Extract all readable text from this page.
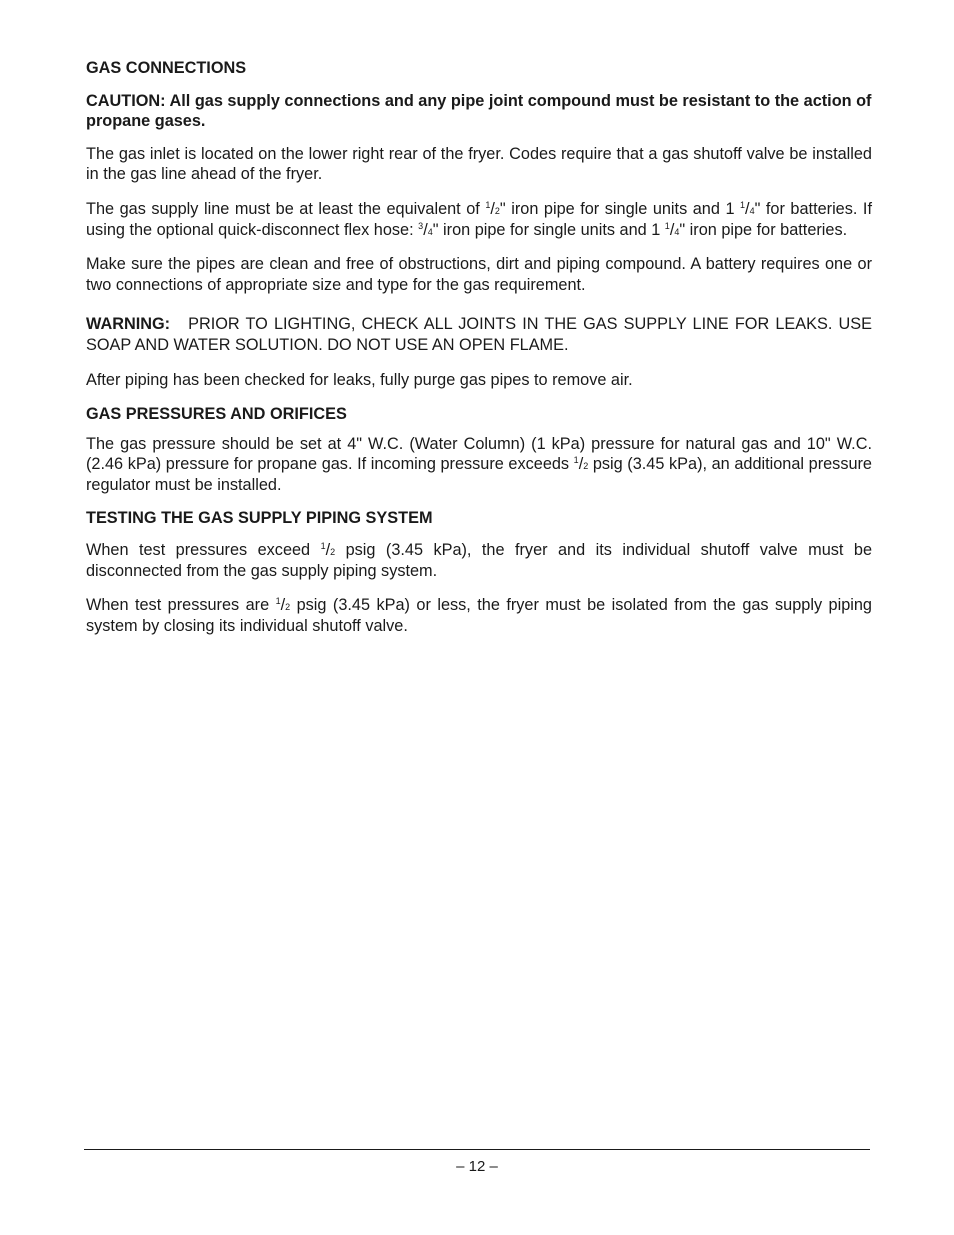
GAS CONNECTIONS

CAUTION: All gas supply connections and any pipe joint compound must be resistant to the action of propane gases.

The gas inlet is located on the lower right rear of the fryer. Codes require that a gas shutoff valve be installed in the gas line ahead of the fryer.

The gas supply line must be at least the equivalent of $^1$/2" iron pipe for single units and 1 $^1$/4" for batteries. If using the optional quick-disconnect flex hose: $^3$/4" iron pipe for single units and 1 $^1$/4" iron pipe for batteries.

Make sure the pipes are clean and free of obstructions, dirt and piping compound. A battery requires one or two connections of appropriate size and type for the gas requirement.

WARNING: PRIOR TO LIGHTING, CHECK ALL JOINTS IN THE GAS SUPPLY LINE FOR LEAKS. USE SOAP AND WATER SOLUTION. DO NOT USE AN OPEN FLAME.

After piping has been checked for leaks, fully purge gas pipes to remove air.

GAS PRESSURES AND ORIFICES

The gas pressure should be set at 4" W.C. (Water Column) (1 kPa) pressure for natural gas and 10" W.C. (2.46 kPa) pressure for propane gas. If incoming pressure exceeds $^1$/2 psig (3.45 kPa), an additional pressure regulator must be installed.

TESTING THE GAS SUPPLY PIPING SYSTEM

When test pressures exceed $^1$/2 psig (3.45 kPa), the fryer and its individual shutoff valve must be disconnected from the gas supply piping system.

When test pressures are $^1$/2 psig (3.45 kPa) or less, the fryer must be isolated from the gas supply piping system by closing its individual shutoff valve.

– 12 –
